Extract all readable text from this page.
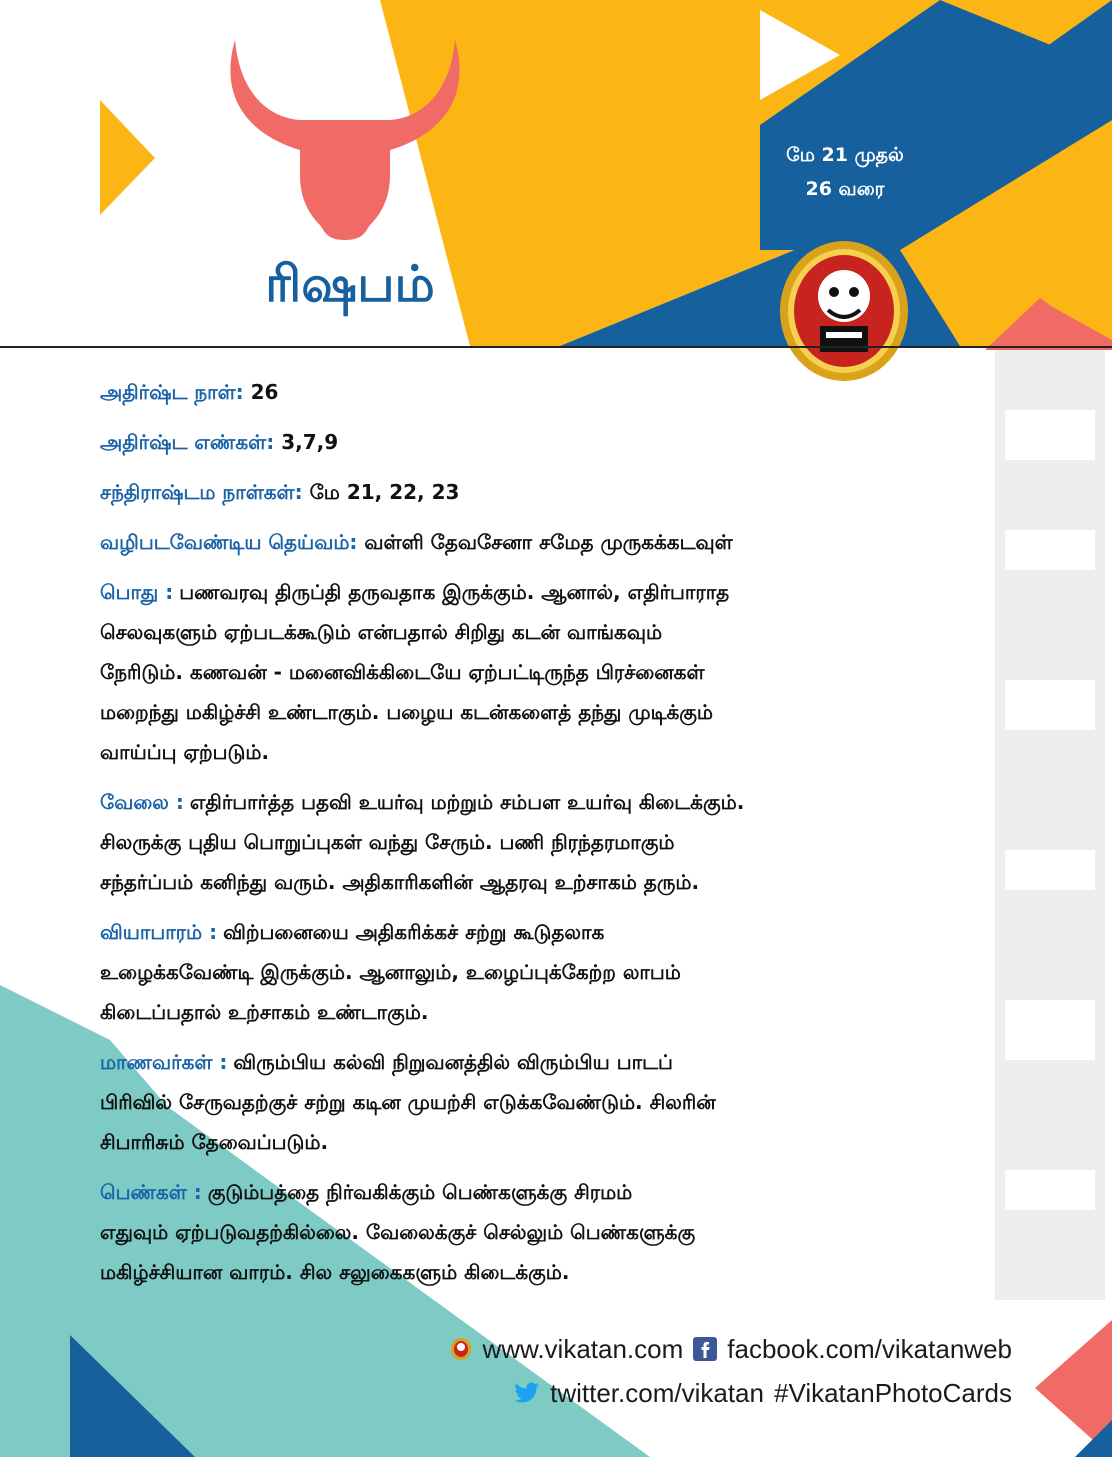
ரிஷபம்
மே 21 முதல்
26 வரை
அதிர்ஷ்ட நாள்: 26
அதிர்ஷ்ட எண்கள்: 3,7,9
சந்திராஷ்டம நாள்கள்: மே 21, 22, 23
வழிபடவேண்டிய தெய்வம்: வள்ளி தேவசேனா சமேத முருகக்கடவுள்
பொது : பணவரவு திருப்தி தருவதாக இருக்கும். ஆனால், எதிர்பாராத
செலவுகளும் ஏற்படக்கூடும் என்பதால் சிறிது கடன் வாங்கவும்
நேரிடும். கணவன் - மனைவிக்கிடையே ஏற்பட்டிருந்த பிரச்னைகள்
மறைந்து மகிழ்ச்சி உண்டாகும். பழைய கடன்களைத் தந்து முடிக்கும்
வாய்ப்பு ஏற்படும்.
வேலை : எதிர்பார்த்த பதவி உயர்வு மற்றும் சம்பள உயர்வு கிடைக்கும்.
சிலருக்கு புதிய பொறுப்புகள் வந்து சேரும். பணி நிரந்தரமாகும்
சந்தர்ப்பம் கனிந்து வரும். அதிகாரிகளின் ஆதரவு உற்சாகம் தரும்.
வியாபாரம் : விற்பனையை அதிகரிக்கச் சற்று கூடுதலாக
உழைக்கவேண்டி இருக்கும். ஆனாலும், உழைப்புக்கேற்ற லாபம்
கிடைப்பதால் உற்சாகம் உண்டாகும்.
மாணவர்கள் : விரும்பிய கல்வி நிறுவனத்தில் விரும்பிய பாடப்
பிரிவில் சேருவதற்குச் சற்று கடின முயற்சி எடுக்கவேண்டும். சிலரின்
சிபாரிசும் தேவைப்படும்.
பெண்கள் : குடும்பத்தை நிர்வகிக்கும் பெண்களுக்கு சிரமம்
எதுவும் ஏற்படுவதற்கில்லை. வேலைக்குச் செல்லும் பெண்களுக்கு
மகிழ்ச்சியான வாரம். சில சலுகைகளும் கிடைக்கும்.
www.vikatan.com facbook.com/vikatanweb
twitter.com/vikatan #VikatanPhotoCards
